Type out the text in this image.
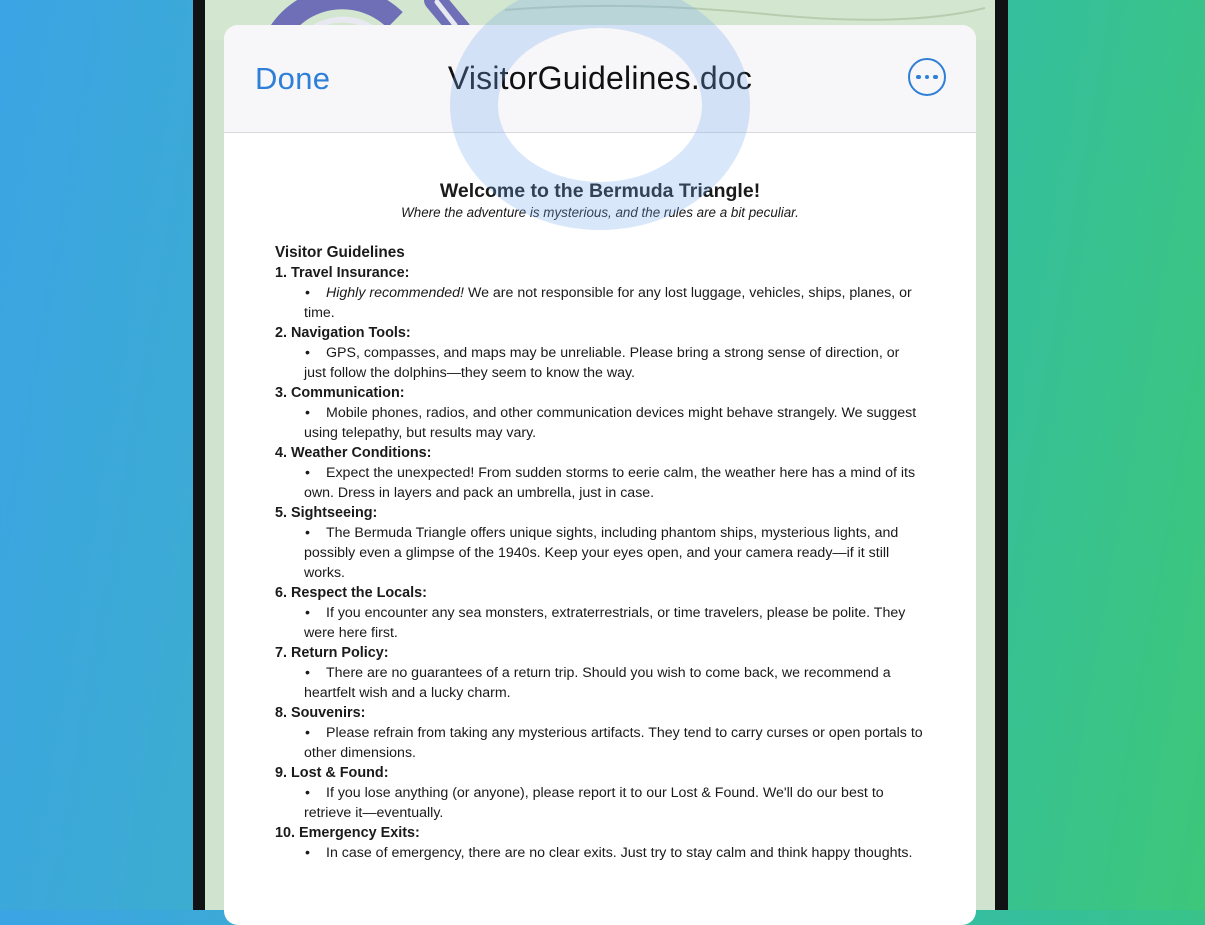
Done	VisitorGuidelines.doc
Welcome to the Bermuda Triangle!
Where the adventure is mysterious, and the rules are a bit peculiar.
Visitor Guidelines
1. Travel Insurance:
•	Highly recommended! We are not responsible for any lost luggage, vehicles, ships, planes, or time.
2. Navigation Tools:
•	GPS, compasses, and maps may be unreliable. Please bring a strong sense of direction, or just follow the dolphins—they seem to know the way.
3. Communication:
•	Mobile phones, radios, and other communication devices might behave strangely. We suggest using telepathy, but results may vary.
4. Weather Conditions:
•	Expect the unexpected! From sudden storms to eerie calm, the weather here has a mind of its own. Dress in layers and pack an umbrella, just in case.
5. Sightseeing:
•	The Bermuda Triangle offers unique sights, including phantom ships, mysterious lights, and possibly even a glimpse of the 1940s. Keep your eyes open, and your camera ready—if it still works.
6. Respect the Locals:
•	If you encounter any sea monsters, extraterrestrials, or time travelers, please be polite. They were here first.
7. Return Policy:
•	There are no guarantees of a return trip. Should you wish to come back, we recommend a heartfelt wish and a lucky charm.
8. Souvenirs:
•	Please refrain from taking any mysterious artifacts. They tend to carry curses or open portals to other dimensions.
9. Lost & Found:
•	If you lose anything (or anyone), please report it to our Lost & Found. We'll do our best to retrieve it—eventually.
10. Emergency Exits:
•	In case of emergency, there are no clear exits. Just try to stay calm and think happy thoughts.
